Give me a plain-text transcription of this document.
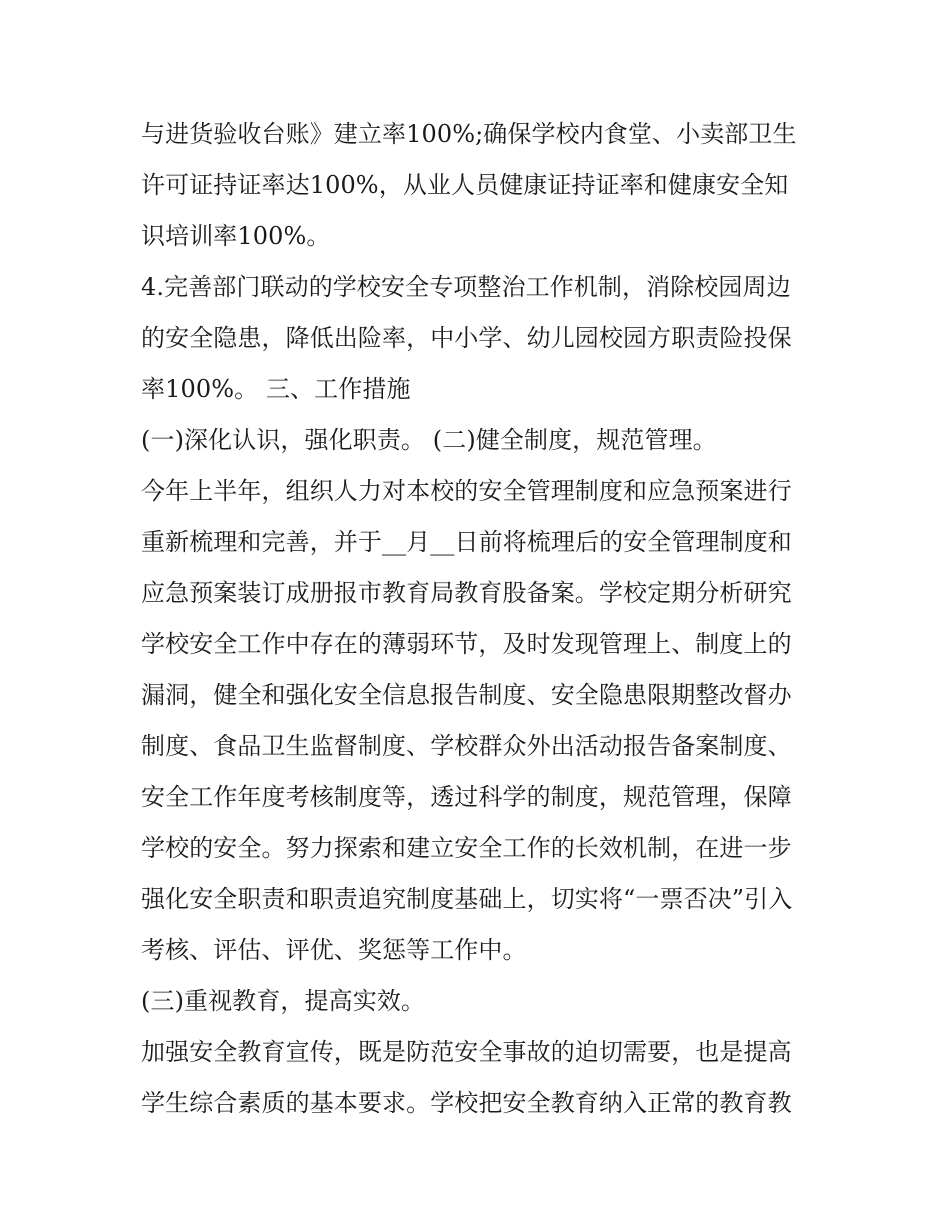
与进货验收台账》建立率100%;确保学校内食堂、小卖部卫生
许可证持证率达100%，从业人员健康证持证率和健康安全知
识培训率100%。
4.完善部门联动的学校安全专项整治工作机制，消除校园周边
的安全隐患，降低出险率，中小学、幼儿园校园方职责险投保
率100%。 三、工作措施
(一)深化认识，强化职责。 (二)健全制度，规范管理。
今年上半年，组织人力对本校的安全管理制度和应急预案进行
重新梳理和完善，并于__月__日前将梳理后的安全管理制度和
应急预案装订成册报市教育局教育股备案。学校定期分析研究
学校安全工作中存在的薄弱环节，及时发现管理上、制度上的
漏洞，健全和强化安全信息报告制度、安全隐患限期整改督办
制度、食品卫生监督制度、学校群众外出活动报告备案制度、
安全工作年度考核制度等，透过科学的制度，规范管理，保障
学校的安全。努力探索和建立安全工作的长效机制，在进一步
强化安全职责和职责追究制度基础上，切实将“一票否决”引入
考核、评估、评优、奖惩等工作中。
(三)重视教育，提高实效。
加强安全教育宣传，既是防范安全事故的迫切需要，也是提高
学生综合素质的基本要求。学校把安全教育纳入正常的教育教
